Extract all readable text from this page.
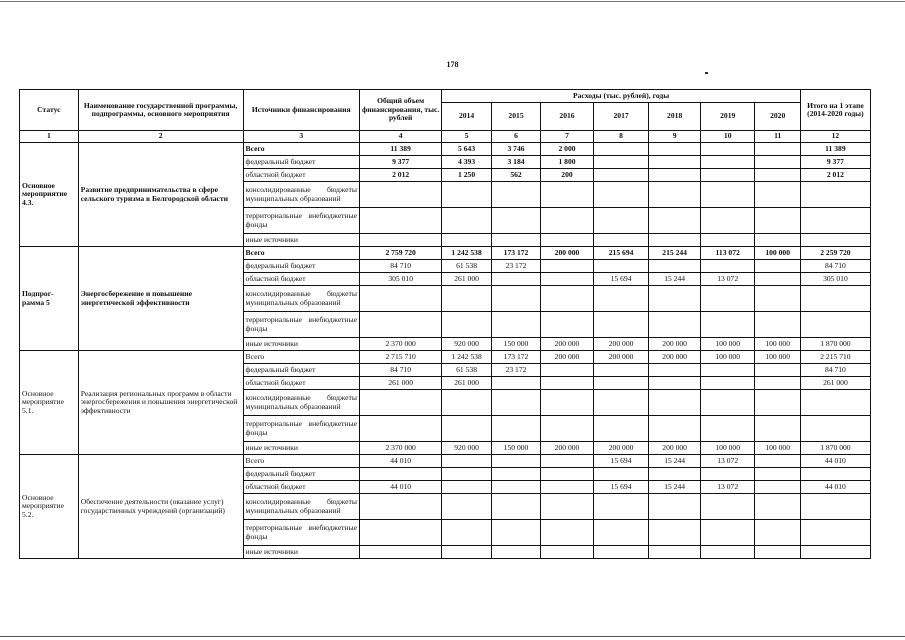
178
Статус	Наименование государственной программы, подпрограммы, основного мероприятия	Источники финансирования	Общий объем финансирования, тыс. рублей	Расходы (тыс. рублей), годы							Итого на 1 этапе (2014-2020 годы)
				2014	2015	2016	2017	2018	2019	2020	
1	2	3	4	5	6	7	8	9	10	11	12
Основное мероприятие 4.3.	Развитие предпринимательства в сфере сельского туризма в Белгородской области	Всего	11 389	5 643	3 746	2 000					11 389
		федеральный бюджет	9 377	4 393	3 184	1 800					9 377
		областной бюджет	2 012	1 250	562	200					2 012
		консолидированные бюджеты муниципальных образований									
		территориальные внебюджетные фонды									
		иные источники									
Подпрог-рамма 5	Энергосбережение и повышение энергетической эффективности	Всего	2 759 720	1 242 538	173 172	200 000	215 694	215 244	113 072	100 000	2 259 720
		федеральный бюджет	84 710	61 538	23 172						84 710
		областной бюджет	305 010	261 000			15 694	15 244	13 072		305 010
		консолидированные бюджеты муниципальных образований									
		территориальные внебюджетные фонды									
		иные источники	2 370 000	920 000	150 000	200 000	200 000	200 000	100 000	100 000	1 870 000
Основное мероприятие 5.1.	Реализация региональных программ в области энергосбережения и повышения энергетической эффективности	Всего	2 715 710	1 242 538	173 172	200 000	200 000	200 000	100 000	100 000	2 215 710
		федеральный бюджет	84 710	61 538	23 172						84 710
		областной бюджет	261 000	261 000							261 000
		консолидированные бюджеты муниципальных образований									
		территориальные внебюджетные фонды									
		иные источники	2 370 000	920 000	150 000	200 000	200 000	200 000	100 000	100 000	1 870 000
Основное мероприятие 5.2.	Обеспечение деятельности (оказание услуг) государственных учреждений (организаций)	Всего	44 010				15 694	15 244	13 072		44 010
		федеральный бюджет									
		областной бюджет	44 010				15 694	15 244	13 072		44 010
		консолидированные бюджеты муниципальных образований									
		территориальные внебюджетные фонды									
		иные источники									
